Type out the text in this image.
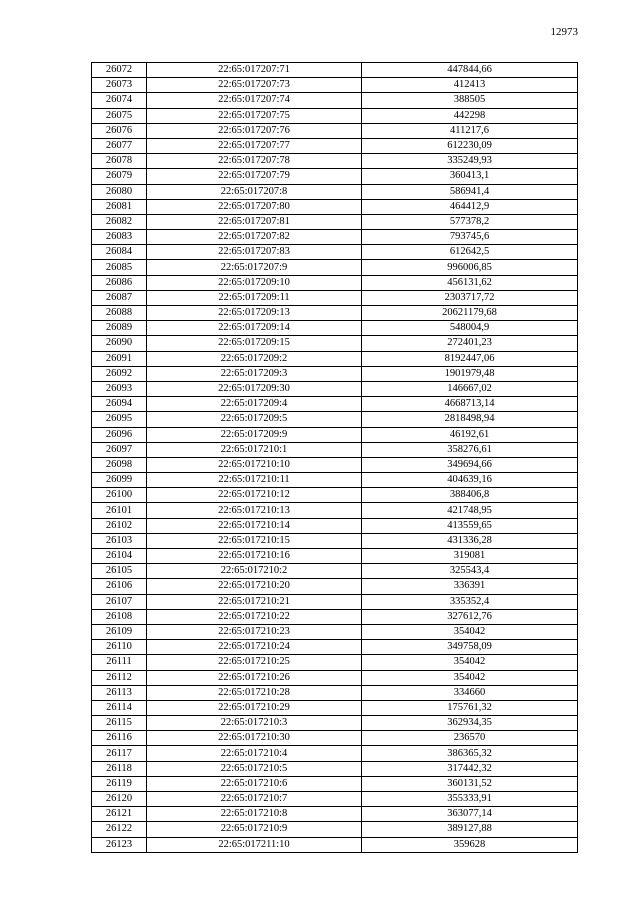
12973
26072	22:65:017207:71	447844,66
26073	22:65:017207:73	412413
26074	22:65:017207:74	388505
26075	22:65:017207:75	442298
26076	22:65:017207:76	411217,6
26077	22:65:017207:77	612230,09
26078	22:65:017207:78	335249,93
26079	22:65:017207:79	360413,1
26080	22:65:017207:8	586941,4
26081	22:65:017207:80	464412,9
26082	22:65:017207:81	577378,2
26083	22:65:017207:82	793745,6
26084	22:65:017207:83	612642,5
26085	22:65:017207:9	996006,85
26086	22:65:017209:10	456131,62
26087	22:65:017209:11	2303717,72
26088	22:65:017209:13	20621179,68
26089	22:65:017209:14	548004,9
26090	22:65:017209:15	272401,23
26091	22:65:017209:2	8192447,06
26092	22:65:017209:3	1901979,48
26093	22:65:017209:30	146667,02
26094	22:65:017209:4	4668713,14
26095	22:65:017209:5	2818498,94
26096	22:65:017209:9	46192,61
26097	22:65:017210:1	358276,61
26098	22:65:017210:10	349694,66
26099	22:65:017210:11	404639,16
26100	22:65:017210:12	388406,8
26101	22:65:017210:13	421748,95
26102	22:65:017210:14	413559,65
26103	22:65:017210:15	431336,28
26104	22:65:017210:16	319081
26105	22:65:017210:2	325543,4
26106	22:65:017210:20	336391
26107	22:65:017210:21	335352,4
26108	22:65:017210:22	327612,76
26109	22:65:017210:23	354042
26110	22:65:017210:24	349758,09
26111	22:65:017210:25	354042
26112	22:65:017210:26	354042
26113	22:65:017210:28	334660
26114	22:65:017210:29	175761,32
26115	22:65:017210:3	362934,35
26116	22:65:017210:30	236570
26117	22:65:017210:4	386365,32
26118	22:65:017210:5	317442,32
26119	22:65:017210:6	360131,52
26120	22:65:017210:7	355333,91
26121	22:65:017210:8	363077,14
26122	22:65:017210:9	389127,88
26123	22:65:017211:10	359628
